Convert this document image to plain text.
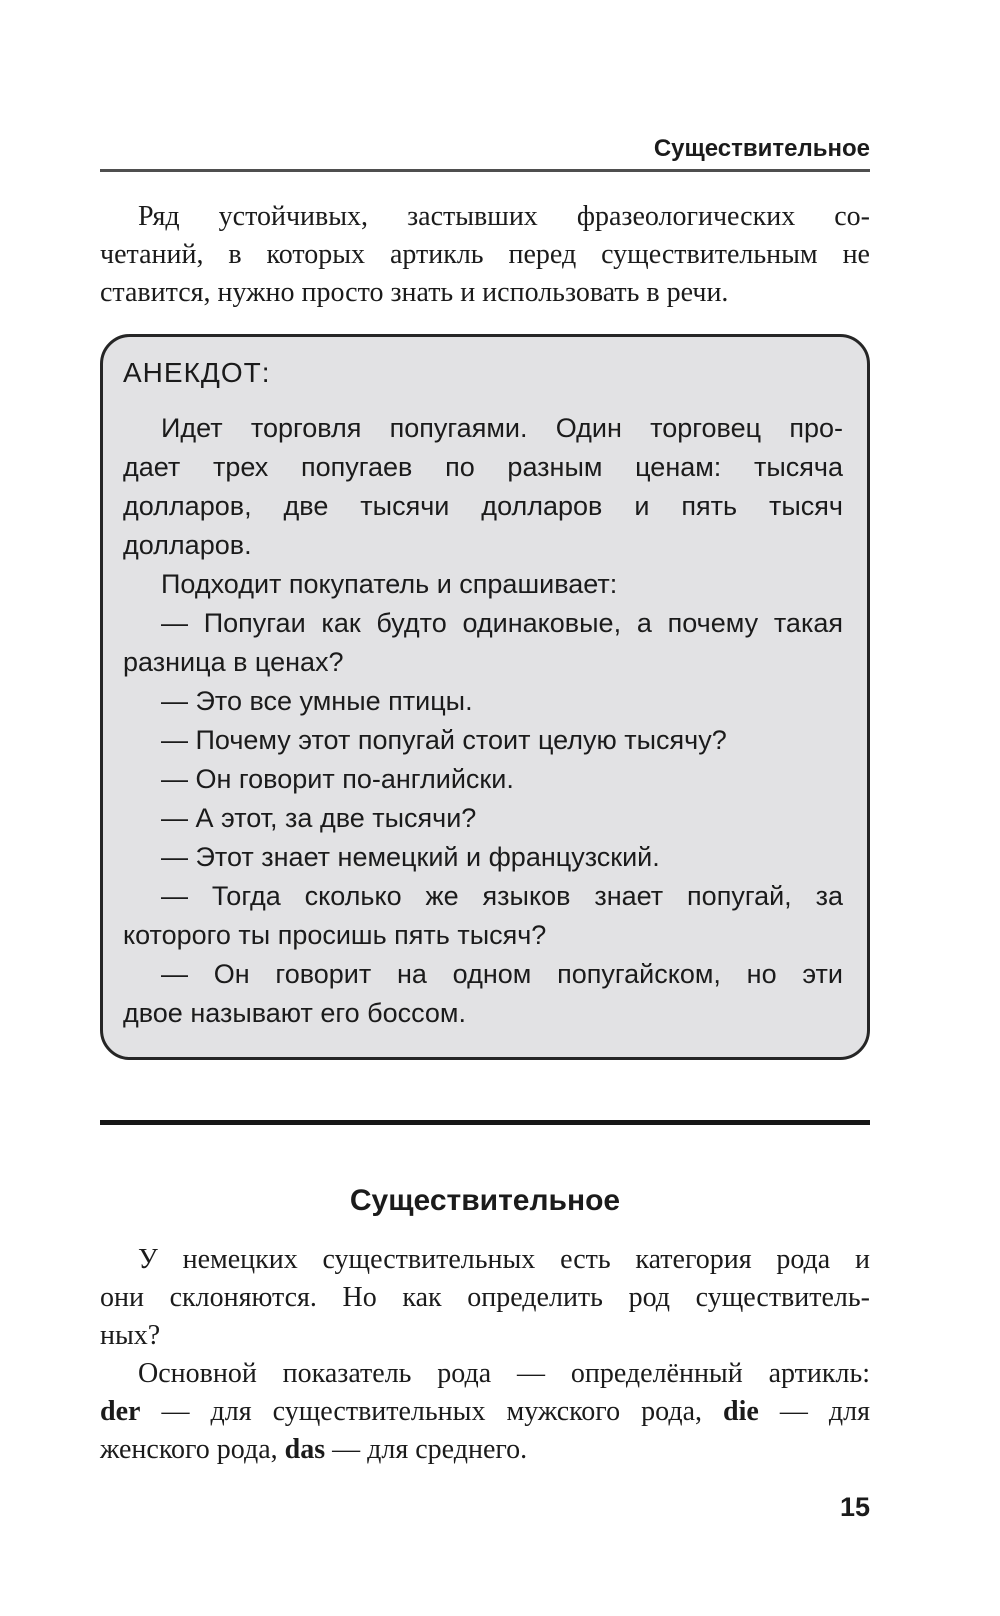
Существительное
Ряд устойчивых, застывших фразеологических со-
четаний, в которых артикль перед существительным не
ставится, нужно просто знать и использовать в речи.
АНЕКДОТ:
Идет торговля попугаями. Один торговец про-
дает трех попугаев по разным ценам: тысяча
долларов, две тысячи долларов и пять тысяч
долларов.
Подходит покупатель и спрашивает:
— Попугаи как будто одинаковые, а почему такая
разница в ценах?
— Это все умные птицы.
— Почему этот попугай стоит целую тысячу?
— Он говорит по-английски.
— А этот, за две тысячи?
— Этот знает немецкий и французский.
— Тогда сколько же языков знает попугай, за
которого ты просишь пять тысяч?
— Он говорит на одном попугайском, но эти
двое называют его боссом.
Существительное
У немецких существительных есть категория рода и
они склоняются. Но как определить род существитель-
ных?
Основной показатель рода — определённый артикль:
der — для существительных мужского рода, die — для
женского рода, das — для среднего.
15
